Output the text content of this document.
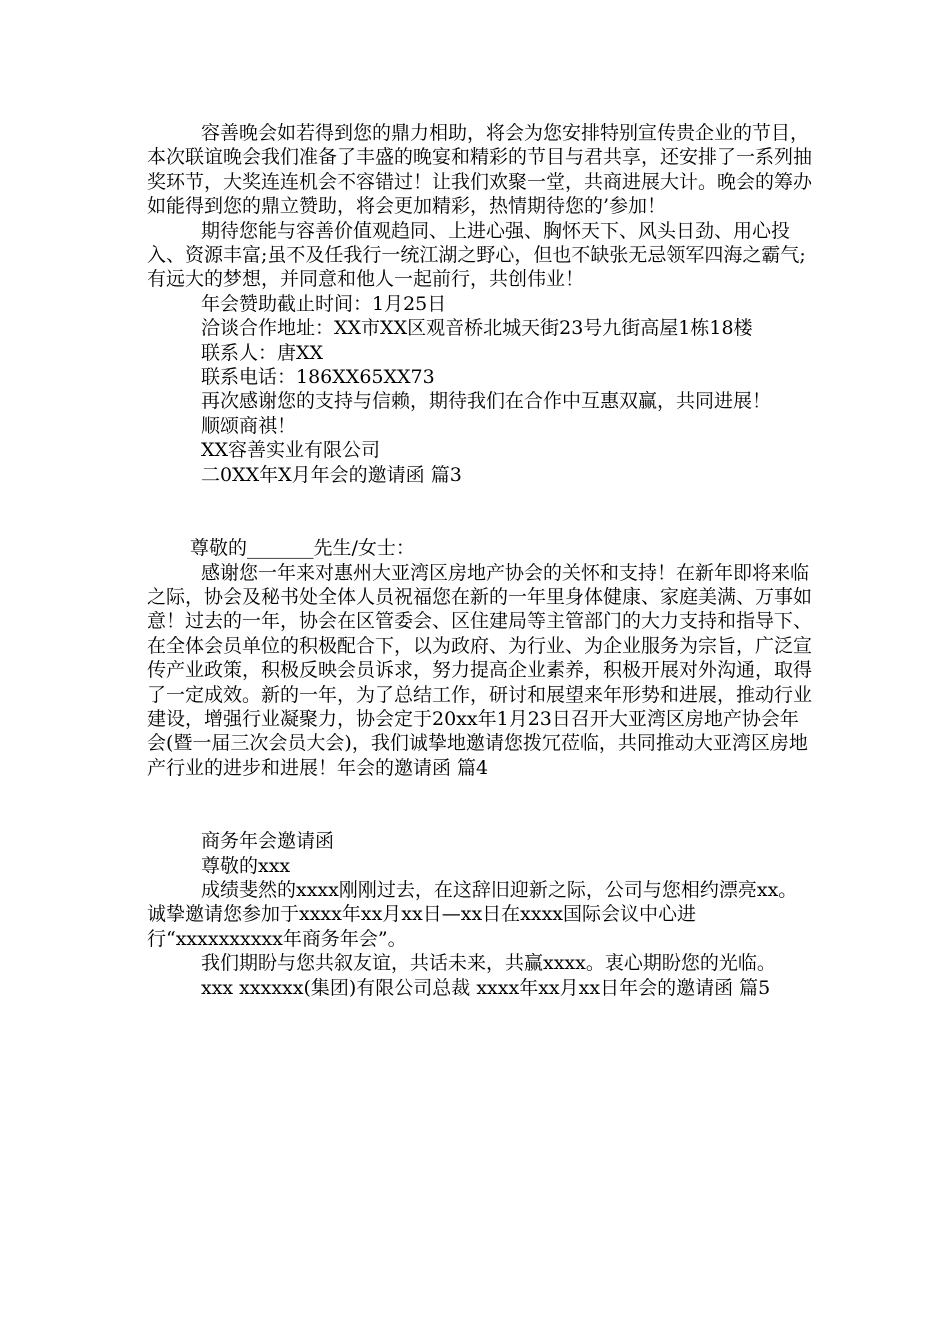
容善晚会如若得到您的鼎力相助，将会为您安排特别宣传贵企业的节目，本次联谊晚会我们准备了丰盛的晚宴和精彩的节目与君共享，还安排了一系列抽奖环节，大奖连连机会不容错过！让我们欢聚一堂，共商进展大计。晚会的筹办如能得到您的鼎立赞助，将会更加精彩，热情期待您的’参加！

期待您能与容善价值观趋同、上进心强、胸怀天下、风头日劲、用心投入、资源丰富;虽不及任我行一统江湖之野心，但也不缺张无忌领军四海之霸气;有远大的梦想，并同意和他人一起前行，共创伟业！

年会赞助截止时间：1月25日

洽谈合作地址：XX市XX区观音桥北城天街23号九街高屋1栋18楼

联系人：唐XX

联系电话：186XX65XX73

再次感谢您的支持与信赖，期待我们在合作中互惠双赢，共同进展！

顺颂商祺！

XX容善实业有限公司

二0XX年X月年会的邀请函 篇3

尊敬的_______先生/女士：

感谢您一年来对惠州大亚湾区房地产协会的关怀和支持！在新年即将来临之际，协会及秘书处全体人员祝福您在新的一年里身体健康、家庭美满、万事如意！过去的一年，协会在区管委会、区住建局等主管部门的大力支持和指导下、在全体会员单位的积极配合下，以为政府、为行业、为企业服务为宗旨，广泛宣传产业政策，积极反映会员诉求，努力提高企业素养，积极开展对外沟通，取得了一定成效。新的一年，为了总结工作，研讨和展望来年形势和进展，推动行业建设，增强行业凝聚力，协会定于20xx年1月23日召开大亚湾区房地产协会年会(暨一届三次会员大会)，我们诚挚地邀请您拨冗莅临，共同推动大亚湾区房地产行业的进步和进展！年会的邀请函 篇4

商务年会邀请函

尊敬的xxx

成绩斐然的xxxx刚刚过去，在这辞旧迎新之际，公司与您相约漂亮xx。诚挚邀请您参加于xxxx年xx月xx日—xx日在xxxx国际会议中心进行“xxxxxxxxxx年商务年会”。

我们期盼与您共叙友谊，共话未来，共赢xxxx。衷心期盼您的光临。

xxx xxxxxx(集团)有限公司总裁 xxxx年xx月xx日年会的邀请函 篇5
